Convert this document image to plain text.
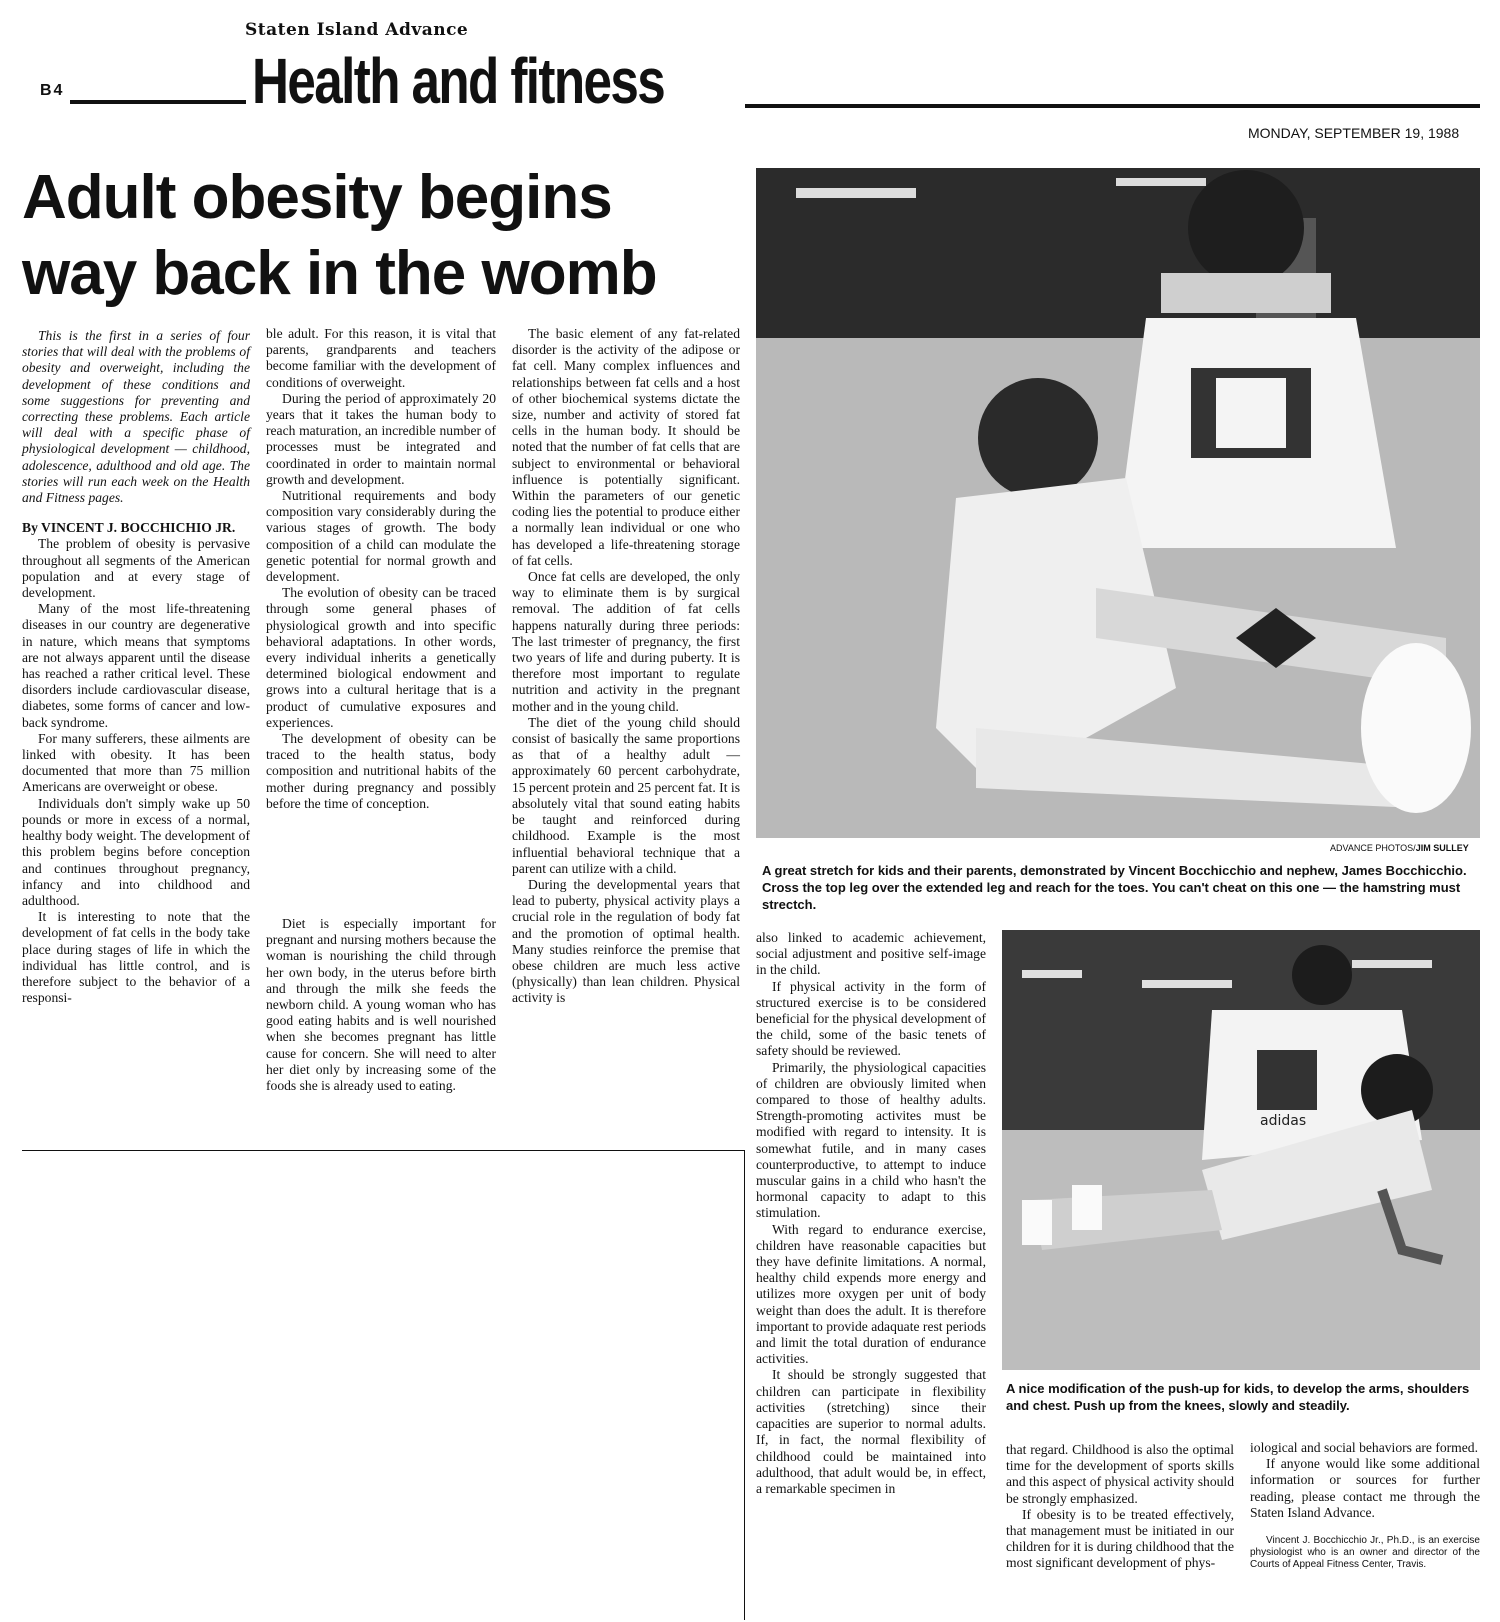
Staten Island Advance
B4	Health and fitness
MONDAY, SEPTEMBER 19, 1988
Adult obesity begins
way back in the womb

This is the first in a series of four stories that will deal with the problems of obesity and overweight, including the development of these conditions and some suggestions for preventing and correcting these problems. Each article will deal with a specific phase of physiological development — childhood, adolescence, adulthood and old age. The stories will run each week on the Health and Fitness pages.

By VINCENT J. BOCCHICHIO JR.

The problem of obesity is pervasive throughout all segments of the American population and at every stage of development.

Many of the most life-threatening diseases in our country are degenerative in nature, which means that symptoms are not always apparent until the disease has reached a rather critical level. These disorders include cardiovascular disease, diabetes, some forms of cancer and low-back syndrome.

For many sufferers, these ailments are linked with obesity. It has been documented that more than 75 million Americans are overweight or obese.

Individuals don't simply wake up 50 pounds or more in excess of a normal, healthy body weight. The development of this problem begins before conception and continues throughout pregnancy, infancy and into childhood and adulthood.

It is interesting to note that the development of fat cells in the body take place during stages of life in which the individual has little control, and is therefore subject to the behavior of a responsi-

ble adult. For this reason, it is vital that parents, grandparents and teachers become familiar with the development of conditions of overweight.

During the period of approximately 20 years that it takes the human body to reach maturation, an incredible number of processes must be integrated and coordinated in order to maintain normal growth and development.

Nutritional requirements and body composition vary considerably during the various stages of growth. The body composition of a child can modulate the genetic potential for normal growth and development.

The evolution of obesity can be traced through some general phases of physiological growth and into specific behavioral adaptations. In other words, every individual inherits a genetically determined biological endowment and grows into a cultural heritage that is a product of cumulative exposures and experiences.

The development of obesity can be traced to the health status, body composition and nutritional habits of the mother during pregnancy and possibly before the time of conception.

Diet is especially important for pregnant and nursing mothers because the woman is nourishing the child through her own body, in the uterus before birth and through the milk she feeds the newborn child. A young woman who has good eating habits and is well nourished when she becomes pregnant has little cause for concern. She will need to alter her diet only by increasing some of the foods she is already used to eating.

The basic element of any fat-related disorder is the activity of the adipose or fat cell. Many complex influences and relationships between fat cells and a host of other biochemical systems dictate the size, number and activity of stored fat cells in the human body. It should be noted that the number of fat cells that are subject to environmental or behavioral influence is potentially significant. Within the parameters of our genetic coding lies the potential to produce either a normally lean individual or one who has developed a life-threatening storage of fat cells.

Once fat cells are developed, the only way to eliminate them is by surgical removal. The addition of fat cells happens naturally during three periods: The last trimester of pregnancy, the first two years of life and during puberty. It is therefore most important to regulate nutrition and activity in the pregnant mother and in the young child.

The diet of the young child should consist of basically the same proportions as that of a healthy adult — approximately 60 percent carbohydrate, 15 percent protein and 25 percent fat. It is absolutely vital that sound eating habits be taught and reinforced during childhood. Example is the most influential behavioral technique that a parent can utilize with a child.

During the developmental years that lead to puberty, physical activity plays a crucial role in the regulation of body fat and the promotion of optimal health. Many studies reinforce the premise that obese children are much less active (physically) than lean children. Physical activity is

ADVANCE PHOTOS/JIM SULLEY
A great stretch for kids and their parents, demonstrated by Vincent Bocchicchio and nephew, James Bocchicchio. Cross the top leg over the extended leg and reach for the toes. You can't cheat on this one — the hamstring must strectch.
adidas
A nice modification of the push-up for kids, to develop the arms, shoulders and chest. Push up from the knees, slowly and steadily.

also linked to academic achievement, social adjustment and positive self-image in the child.

If physical activity in the form of structured exercise is to be considered beneficial for the physical development of the child, some of the basic tenets of safety should be reviewed.

Primarily, the physiological capacities of children are obviously limited when compared to those of healthy adults. Strength-promoting activites must be modified with regard to intensity. It is somewhat futile, and in many cases counterproductive, to attempt to induce muscular gains in a child who hasn't the hormonal capacity to adapt to this stimulation.

With regard to endurance exercise, children have reasonable capacities but they have definite limitations. A normal, healthy child expends more energy and utilizes more oxygen per unit of body weight than does the adult. It is therefore important to provide adaquate rest periods and limit the total duration of endurance activities.

It should be strongly suggested that children can participate in flexibility activities (stretching) since their capacities are superior to normal adults. If, in fact, the normal flexibility of childhood could be maintained into adulthood, that adult would be, in effect, a remarkable specimen in

that regard. Childhood is also the optimal time for the development of sports skills and this aspect of physical activity should be strongly emphasized.

If obesity is to be treated effectively, that management must be initiated in our children for it is during childhood that the most significant development of phys-

iological and social behaviors are formed.

If anyone would like some additional information or sources for further reading, please contact me through the Staten Island Advance.

Vincent J. Bocchicchio Jr., Ph.D., is an exercise physiologist who is an owner and director of the Courts of Appeal Fitness Center, Travis.
